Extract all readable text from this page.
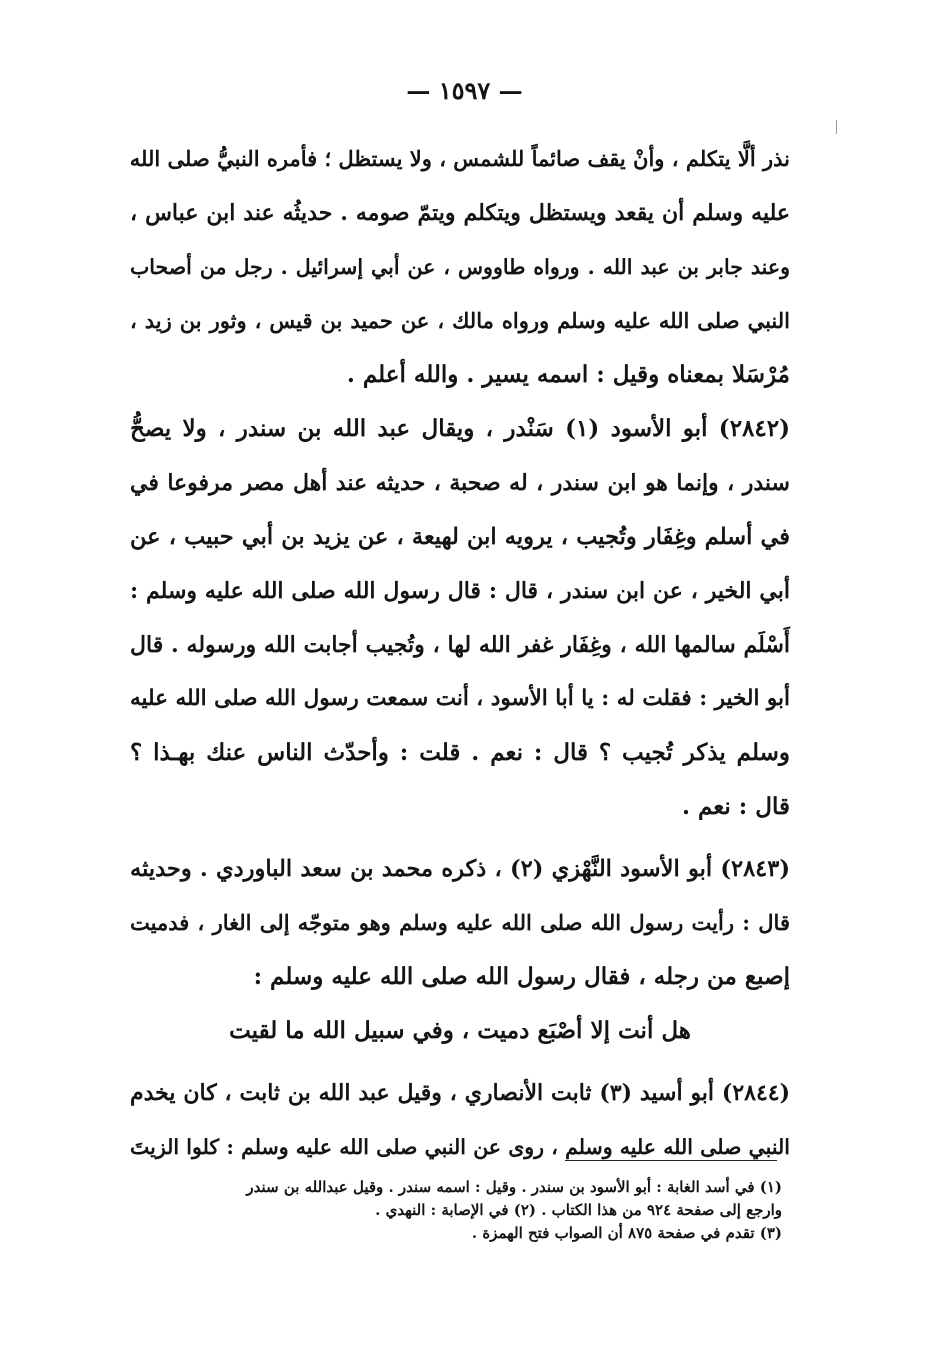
— ١٥٩٧ —
نذر ألَّا يتكلم ، وأنْ يقف صائماً للشمس ، ولا يستظل ؛ فأمره النبيُّ صلى الله
عليه وسلم أن يقعد ويستظل ويتكلم ويتمّ صومه . حديثُه عند ابن عباس ،
وعند جابر بن عبد الله . ورواه طاووس ، عن أبي إسرائيل . رجل من أصحاب
النبي صلى الله عليه وسلم ورواه مالك ، عن حميد بن قيس ، وثور بن زيد ،
مُرْسَلا بمعناه وقيل : اسمه يسير . والله أعلم .
(٢٨٤٢) أبو الأسود (١) سَنْدر ، ويقال عبد الله بن سندر ، ولا يصحُّ
سندر ، وإنما هو ابن سندر ، له صحبة ، حديثه عند أهل مصر مرفوعا في
في أسلم وغِفَار وتُجيب ، يرويه ابن لهيعة ، عن يزيد بن أبي حبيب ، عن
أبي الخير ، عن ابن سندر ، قال : قال رسول الله صلى الله عليه وسلم :
أَسْلَم سالمها الله ، وغِفَار غفر الله لها ، وتُجيب أجابت الله ورسوله . قال
أبو الخير : فقلت له : يا أبا الأسود ، أنت سمعت رسول الله صلى الله عليه
وسلم يذكر تُجيب ؟ قال : نعم . قلت : وأحدّث الناس عنك بهـذا ؟
قال : نعم .
(٢٨٤٣) أبو الأسود النَّهْزي (٢) ، ذكره محمد بن سعد الباوردي . وحديثه
قال : رأيت رسول الله صلى الله عليه وسلم وهو متوجّه إلى الغار ، فدميت
إصبع من رجله ، فقال رسول الله صلى الله عليه وسلم :
هل أنت إلا أصْبَع دميت ، وفي سبيل الله ما لقيت
(٢٨٤٤) أبو أسيد (٣) ثابت الأنصاري ، وقيل عبد الله بن ثابت ، كان يخدم
النبي صلى الله عليه وسلم ، روى عن النبي صلى الله عليه وسلم : كلوا الزيتَ
(١) في أسد الغابة : أبو الأسود بن سندر . وقيل : اسمه سندر . وقيل عبدالله بن سندر
وارجع إلى صفحة ٩٢٤ من هذا الكتاب . (٢) في الإصابة : النهدي .
(٣) تقدم في صفحة ٨٧٥ أن الصواب فتح الهمزة .
